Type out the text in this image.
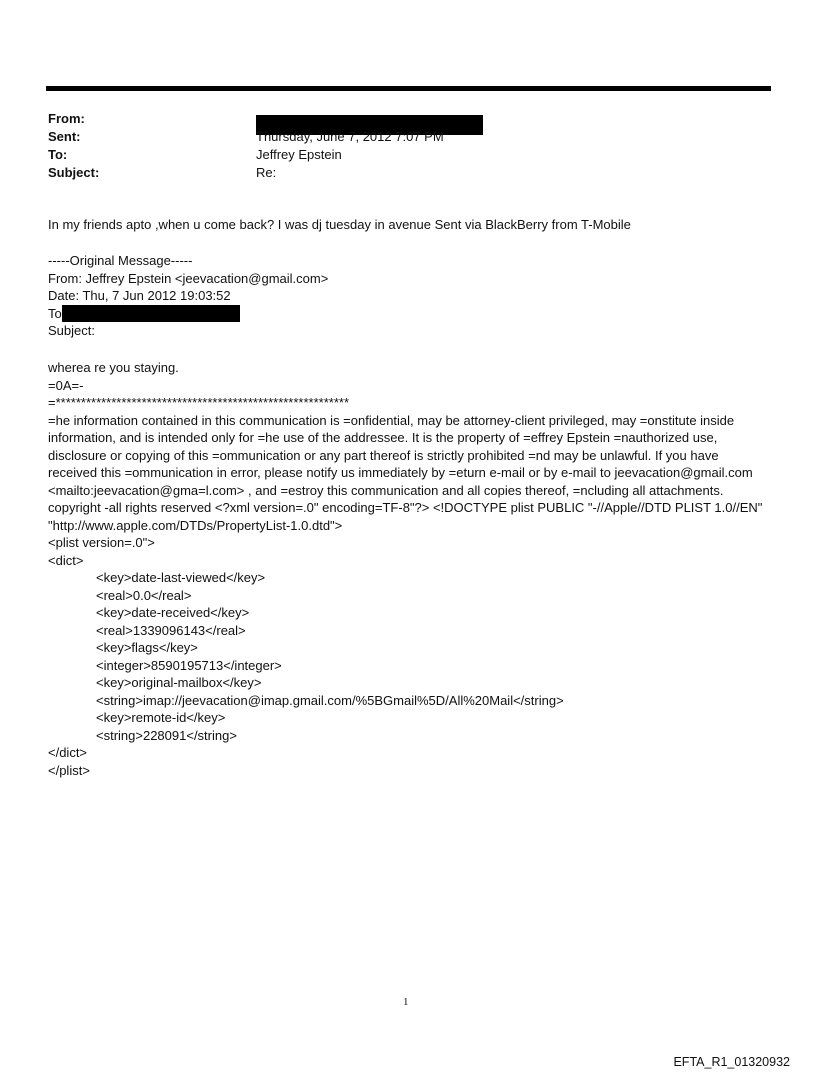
From:
Sent:	Thursday, June 7, 2012 7:07 PM
To:	Jeffrey Epstein
Subject:	Re:
In my friends apto ,when u come back? I was dj tuesday in avenue Sent via BlackBerry from T-Mobile
-----Original Message-----
From: Jeffrey Epstein <jeevacation@gmail.com>
Date: Thu, 7 Jun 2012 19:03:52
To
Subject:
wherea re you staying.
=0A=-
=**********************************************************
=he information contained in this communication is =onfidential, may be attorney-client privileged, may =onstitute inside information, and is intended only for =he use of the addressee. It is the property of =effrey Epstein =nauthorized use, disclosure or copying of this =ommunication or any part thereof is strictly prohibited =nd may be unlawful. If you have received this =ommunication in error, please notify us immediately by =eturn e-mail or by e-mail to jeevacation@gmail.com <mailto:jeevacation@gma=l.com> , and =estroy this communication and all copies thereof, =ncluding all attachments. copyright -all rights reserved <?xml version=.0" encoding=TF-8"?> <!DOCTYPE plist PUBLIC "-//Apple//DTD PLIST 1.0//EN" "http://www.apple.com/DTDs/PropertyList-1.0.dtd">
<plist version=.0">
<dict>
<key>date-last-viewed</key>
<real>0.0</real>
<key>date-received</key>
<real>1339096143</real>
<key>flags</key>
<integer>8590195713</integer>
<key>original-mailbox</key>
<string>imap://jeevacation@imap.gmail.com/%5BGmail%5D/All%20Mail</string>
<key>remote-id</key>
<string>228091</string>
</dict>
</plist>
1
EFTA_R1_01320932
